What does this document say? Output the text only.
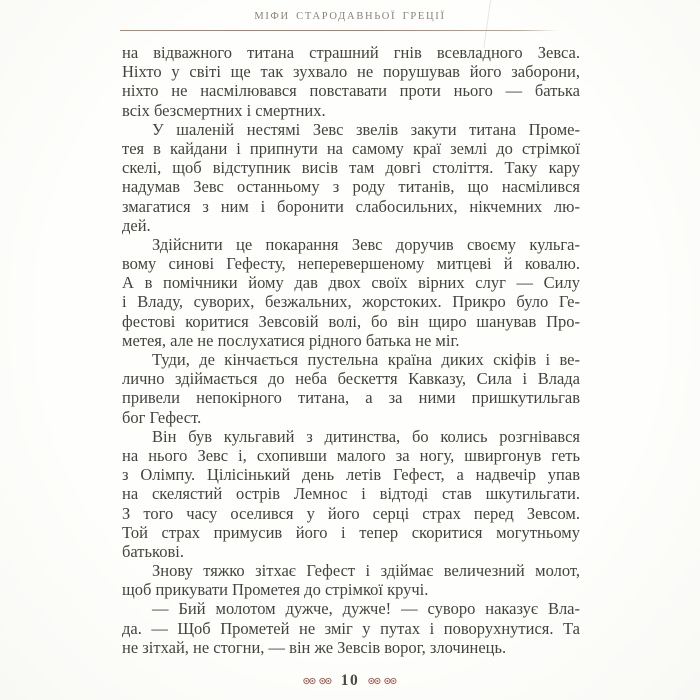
МІФИ СТАРОДАВНЬОЇ ГРЕЦІЇ
на відважного титана страшний гнів всевладного Зевса.
Ніхто у світі ще так зухвало не порушував його заборони,
ніхто не насмілювався повставати проти нього — батька
всіх безсмертних і смертних.
У шаленій нестямі Зевс звелів закути титана Проме-
тея в кайдани і припнути на самому краї землі до стрімкої
скелі, щоб відступник висів там довгі століття. Таку кару
надумав Зевс останньому з роду титанів, що насмілився
змагатися з ним і боронити слабосильних, нікчемних лю-
дей.
Здійснити це покарання Зевс доручив своєму кульга-
вому синові Гефесту, неперевершеному митцеві й ковалю.
А в помічники йому дав двох своїх вірних слуг — Силу
і Владу, суворих, безжальних, жорстоких. Прикро було Ге-
фестові коритися Зевсовій волі, бо він щиро шанував Про-
метея, але не послухатися рідного батька не міг.
Туди, де кінчається пустельна країна диких скіфів і ве-
лично здіймається до неба бескеття Кавказу, Сила і Влада
привели непокірного титана, а за ними пришкутильгав
бог Гефест.
Він був кульгавий з дитинства, бо колись розгнівався
на нього Зевс і, схопивши малого за ногу, швиргонув геть
з Олімпу. Цілісінький день летів Гефест, а надвечір упав
на скелястий острів Лемнос і відтоді став шкутильгати.
З того часу оселився у його серці страх перед Зевсом.
Той страх примусив його і тепер скоритися могутньому
батькові.
Знову тяжко зітхає Гефест і здіймає величезний молот,
щоб прикувати Прометея до стрімкої кручі.
— Бий молотом дужче, дужче! — суворо наказує Вла-
да. — Щоб Прометей не зміг у путах і поворухнутися. Та
не зітхай, не стогни, — він же Зевсів ворог, злочинець.
10
